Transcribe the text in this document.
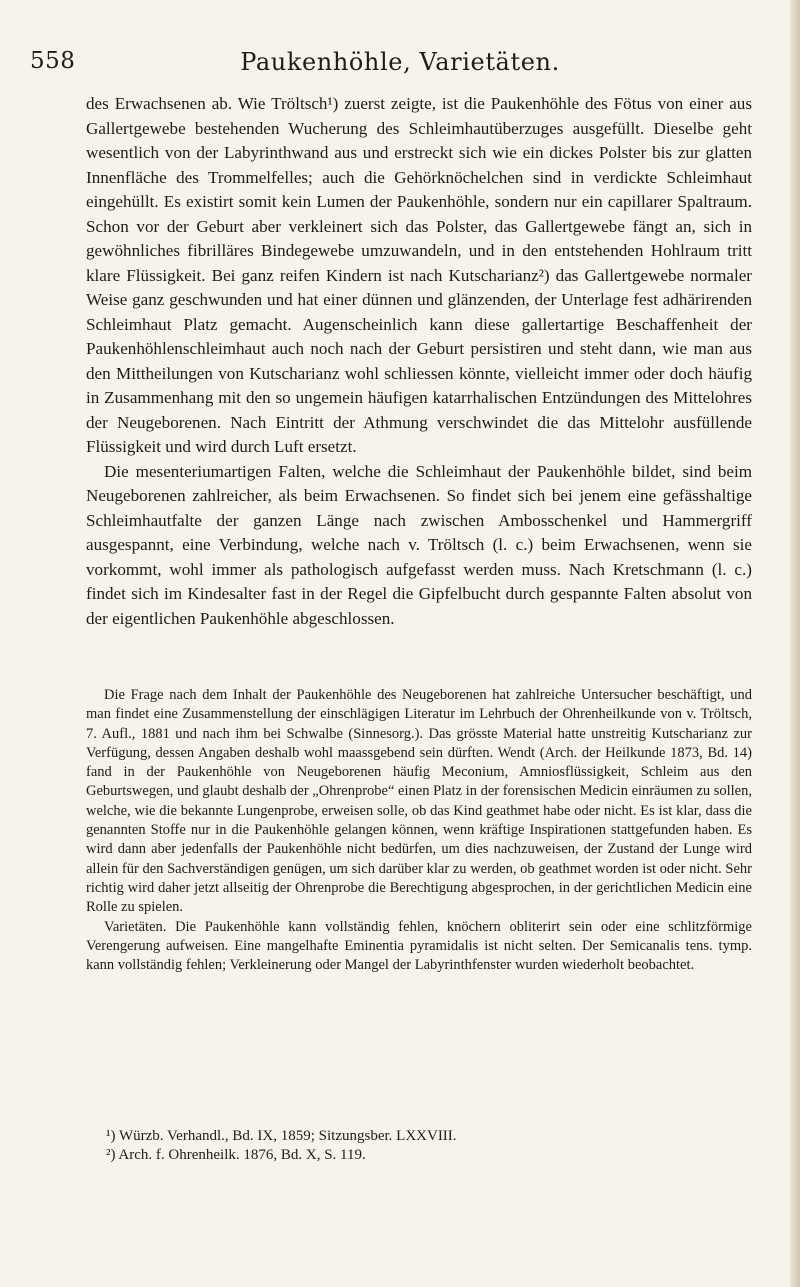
558	Paukenhöhle, Varietäten.

des Erwachsenen ab. Wie Tröltsch¹) zuerst zeigte, ist die Paukenhöhle des Fötus von einer aus Gallertgewebe bestehenden Wucherung des Schleimhautüberzuges ausgefüllt. Dieselbe geht wesentlich von der Labyrinthwand aus und erstreckt sich wie ein dickes Polster bis zur glatten Innenfläche des Trommelfelles; auch die Gehörknöchelchen sind in verdickte Schleimhaut eingehüllt. Es existirt somit kein Lumen der Paukenhöhle, sondern nur ein capillarer Spaltraum. Schon vor der Geburt aber verkleinert sich das Polster, das Gallertgewebe fängt an, sich in gewöhnliches fibrilläres Bindegewebe umzuwandeln, und in den entstehenden Hohlraum tritt klare Flüssigkeit. Bei ganz reifen Kindern ist nach Kutscharianz²) das Gallertgewebe normaler Weise ganz geschwunden und hat einer dünnen und glänzenden, der Unterlage fest adhärirenden Schleimhaut Platz gemacht. Augenscheinlich kann diese gallertartige Beschaffenheit der Paukenhöhlenschleimhaut auch noch nach der Geburt persistiren und steht dann, wie man aus den Mittheilungen von Kutscharianz wohl schliessen könnte, vielleicht immer oder doch häufig in Zusammenhang mit den so ungemein häufigen katarrhalischen Entzündungen des Mittelohres der Neugeborenen. Nach Eintritt der Athmung verschwindet die das Mittelohr ausfüllende Flüssigkeit und wird durch Luft ersetzt.

Die mesenteriumartigen Falten, welche die Schleimhaut der Paukenhöhle bildet, sind beim Neugeborenen zahlreicher, als beim Erwachsenen. So findet sich bei jenem eine gefässhaltige Schleimhautfalte der ganzen Länge nach zwischen Ambosschenkel und Hammergriff ausgespannt, eine Verbindung, welche nach v. Tröltsch (l. c.) beim Erwachsenen, wenn sie vorkommt, wohl immer als pathologisch aufgefasst werden muss. Nach Kretschmann (l. c.) findet sich im Kindesalter fast in der Regel die Gipfelbucht durch gespannte Falten absolut von der eigentlichen Paukenhöhle abgeschlossen.

Die Frage nach dem Inhalt der Paukenhöhle des Neugeborenen hat zahlreiche Untersucher beschäftigt, und man findet eine Zusammenstellung der einschlägigen Literatur im Lehrbuch der Ohrenheilkunde von v. Tröltsch, 7. Aufl., 1881 und nach ihm bei Schwalbe (Sinnesorg.). Das grösste Material hatte unstreitig Kutscharianz zur Verfügung, dessen Angaben deshalb wohl maassgebend sein dürften. Wendt (Arch. der Heilkunde 1873, Bd. 14) fand in der Paukenhöhle von Neugeborenen häufig Meconium, Amniosflüssigkeit, Schleim aus den Geburtswegen, und glaubt deshalb der „Ohrenprobe“ einen Platz in der forensischen Medicin einräumen zu sollen, welche, wie die bekannte Lungenprobe, erweisen solle, ob das Kind geathmet habe oder nicht. Es ist klar, dass die genannten Stoffe nur in die Paukenhöhle gelangen können, wenn kräftige Inspirationen stattgefunden haben. Es wird dann aber jedenfalls der Paukenhöhle nicht bedürfen, um dies nachzuweisen, der Zustand der Lunge wird allein für den Sachverständigen genügen, um sich darüber klar zu werden, ob geathmet worden ist oder nicht. Sehr richtig wird daher jetzt allseitig der Ohrenprobe die Berechtigung abgesprochen, in der gerichtlichen Medicin eine Rolle zu spielen.

Varietäten. Die Paukenhöhle kann vollständig fehlen, knöchern obliterirt sein oder eine schlitzförmige Verengerung aufweisen. Eine mangelhafte Eminentia pyramidalis ist nicht selten. Der Semicanalis tens. tymp. kann vollständig fehlen; Verkleinerung oder Mangel der Labyrinthfenster wurden wiederholt beobachtet.

¹) Würzb. Verhandl., Bd. IX, 1859; Sitzungsber. LXXVIII.
²) Arch. f. Ohrenheilk. 1876, Bd. X, S. 119.
